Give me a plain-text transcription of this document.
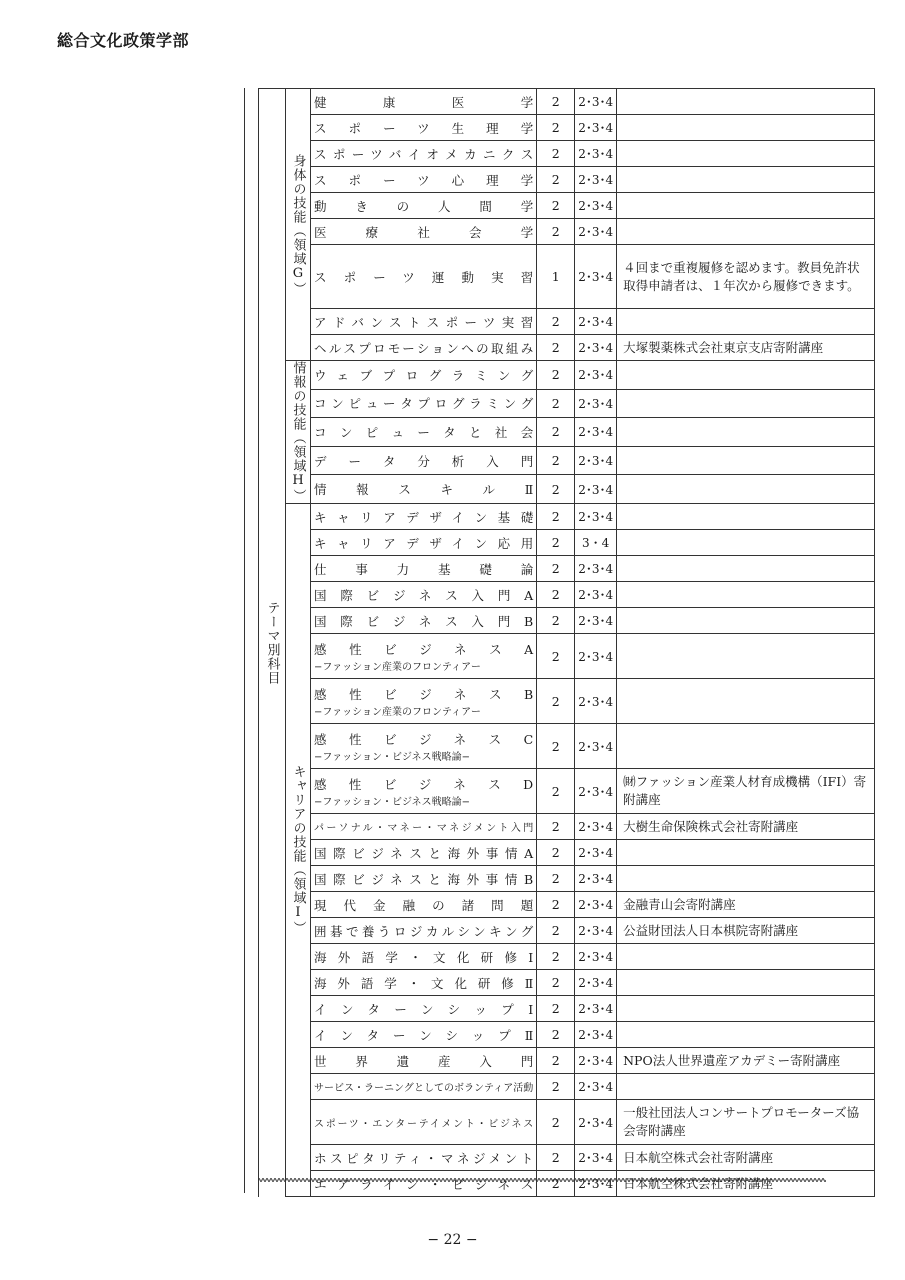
総合文化政策学部
テーマ別科目	身体の技能（領域G）	健康医学	2	2･3･4	
		スポーツ生理学	2	2･3･4	
		スポーツバイオメカニクス	2	2･3･4	
		スポーツ心理学	2	2･3･4	
		動きの人間学	2	2･3･4	
		医療社会学	2	2･3･4	
		スポーツ運動実習	1	2･3･4	４回まで重複履修を認めます。教員免許状取得申請者は、１年次から履修できます。
		アドバンストスポーツ実習	2	2･3･4	
		ヘルスプロモーションへの取組み	2	2･3･4	大塚製薬株式会社東京支店寄附講座
	情報の技能（領域H）	ウェブプログラミング	2	2･3･4	
		コンピュータプログラミング	2	2･3･4	
		コンピュータと社会	2	2･3･4	
		データ分析入門	2	2･3･4	
		情報スキルⅡ	2	2･3･4	
	キャリアの技能（領域I）	キャリアデザイン基礎	2	2･3･4	
		キャリアデザイン応用	2	3・4	
		仕事力基礎論	2	2･3･4	
		国際ビジネス入門A	2	2･3･4	
		国際ビジネス入門B	2	2･3･4	

		感性ビジネスA
−ファッション産業のフロンティアー	2	2･3･4	

		感性ビジネスB
−ファッション産業のフロンティアー	2	2･3･4	

		感性ビジネスC
−ファッション・ビジネス戦略論−	2	2･3･4	

		感性ビジネスD
−ファッション・ビジネス戦略論−	2	2･3･4	㈶ファッション産業人材育成機構（IFI）寄附講座
		パーソナル・マネー・マネジメント入門	2	2･3･4	大樹生命保険株式会社寄附講座
		国際ビジネスと海外事情A	2	2･3･4	
		国際ビジネスと海外事情B	2	2･3･4	
		現代金融の諸問題	2	2･3･4	金融青山会寄附講座
		囲碁で養うロジカルシンキング	2	2･3･4	公益財団法人日本棋院寄附講座
		海外語学・文化研修Ⅰ	2	2･3･4	
		海外語学・文化研修Ⅱ	2	2･3･4	
		インターンシップⅠ	2	2･3･4	
		インターンシップⅡ	2	2･3･4	
		世界遺産入門	2	2･3･4	NPO法人世界遺産アカデミー寄附講座
		サービス・ラーニングとしてのボランティア活動	2	2･3･4	
		スポーツ・エンターテイメント・ビジネス	2	2･3･4	一般社団法人コンサートプロモーターズ協会寄附講座
		ホスピタリティ・マネジメント	2	2･3･4	日本航空株式会社寄附講座
		エアライン・ビジネス	2	2･3･4	日本航空株式会社寄附講座
− 22 −
